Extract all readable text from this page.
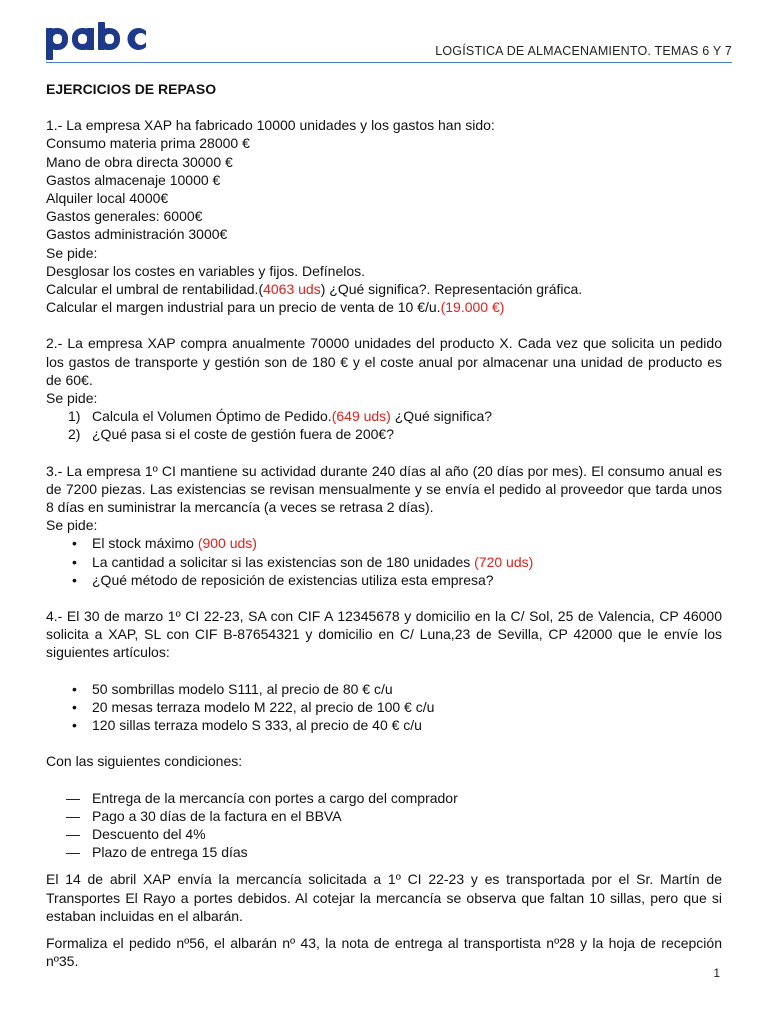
LOGÍSTICA DE ALMACENAMIENTO. TEMAS 6 Y 7

EJERCICIOS DE REPASO

1.- La empresa XAP ha fabricado 10000 unidades y los gastos han sido:

Consumo materia prima 28000 €

Mano de obra directa 30000 €

Gastos almacenaje 10000 €

Alquiler local 4000€

Gastos generales: 6000€

Gastos administración 3000€

Se pide:

Desglosar los costes en variables y fijos. Defínelos.

Calcular el umbral de rentabilidad.(4063 uds) ¿Qué significa?. Representación gráfica.

Calcular el margen industrial para un precio de venta de 10 €/u.(19.000 €)

2.- La empresa XAP compra anualmente 70000 unidades del producto X. Cada vez que solicita un pedido los gastos de transporte y gestión son de 180 € y el coste anual por almacenar una unidad de producto es de 60€.

Se pide:

1) Calcula el Volumen Óptimo de Pedido.(649 uds) ¿Qué significa?
2) ¿Qué pasa si el coste de gestión fuera de 200€?

3.- La empresa 1º CI mantiene su actividad durante 240 días al año (20 días por mes). El consumo anual es de 7200 piezas. Las existencias se revisan mensualmente y se envía el pedido al proveedor que tarda unos 8 días en suministrar la mercancía (a veces se retrasa 2 días).

Se pide:

• El stock máximo (900 uds)
• La cantidad a solicitar si las existencias son de 180 unidades (720 uds)
• ¿Qué método de reposición de existencias utiliza esta empresa?

4.- El 30 de marzo 1º CI 22-23, SA con CIF A 12345678 y domicilio en la C/ Sol, 25 de Valencia, CP 46000 solicita a XAP, SL con CIF B-87654321 y domicilio en C/ Luna,23 de Sevilla, CP 42000 que le envíe los siguientes artículos:

• 50 sombrillas modelo S111, al precio de 80 € c/u
• 20 mesas terraza modelo M 222, al precio de 100 € c/u
• 120 sillas terraza modelo S 333, al precio de 40 € c/u

Con las siguientes condiciones:

— Entrega de la mercancía con portes a cargo del comprador
— Pago a 30 días de la factura en el BBVA
— Descuento del 4%
— Plazo de entrega 15 días

El 14 de abril XAP envía la mercancía solicitada a 1º CI 22-23 y es transportada por el Sr. Martín de Transportes El Rayo a portes debidos. Al cotejar la mercancía se observa que faltan 10 sillas, pero que si estaban incluidas en el albarán.

Formaliza el pedido nº56, el albarán nº 43, la nota de entrega al transportista nº28 y la hoja de recepción nº35.

1
